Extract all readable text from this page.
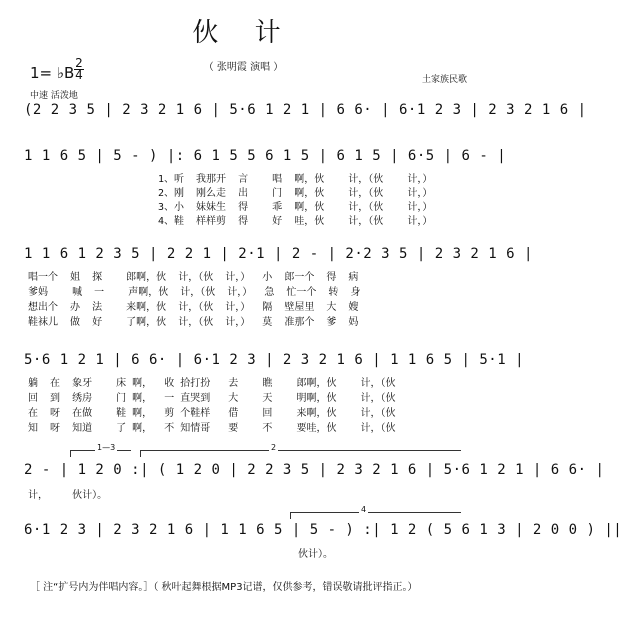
伙 计
（ 张明霞 演唱 ）
土家族民歌
1= ♭B
2
4
中速 活泼地
(2 2 3 5 | 2 3 2 1 6 | 5·6 1 2 1 | 6 6· | 6·1 2 3 | 2 3 2 1 6 |
1 1 6 5 | 5 - ) |: 6 1 5 5 6 1 5 | 6 1 5 | 6·5 | 6 - |
1、听  我那开  言    唱  啊，伙    计，（伙    计，）
2、刚  刚么走  出    门  啊，伙    计，（伙    计，）
3、小  妹妹生  得    乖  啊，伙    计，（伙    计，）
4、鞋  样样剪  得    好  哇，伙    计，（伙    计，）
1 1 6 1 2 3 5 | 2 2 1 | 2·1 | 2 - | 2·2 3 5 | 2 3 2 1 6 |
唱一个  姐  探    郎啊，伙  计，（伙  计，）  小  郎一个  得  病
爹妈    喊  一    声啊，伙  计，（伙  计，）  急  忙一个  转  身
想出个  办  法    来啊，伙  计，（伙  计，）  隔  壁屋里  大  嫂
鞋袜儿  做  好    了啊，伙  计，（伙  计，）  莫  准那个  爹  妈
5·6 1 2 1 | 6 6· | 6·1 2 3 | 2 3 2 1 6 | 1 1 6 5 | 5·1 |
躺  在  象牙    床 啊，  收 拾打扮   去    瞧    郎啊，伙    计，（伙
回  到  绣房    门 啊，  一 直哭到   大    天    明啊，伙    计，（伙
在  呀  在做    鞋 啊，  剪 个鞋样   借    回    来啊，伙    计，（伙
知  呀  知道    了 啊，  不 知情哥   要    不    要哇，伙    计，（伙
1—3	2
2 - | 1 2 0 :| ( 1 2 0 | 2 2 3 5 | 2 3 2 1 6 | 5·6 1 2 1 | 6 6· |
计，    伙计）。
4
6·1 2 3 | 2 3 2 1 6 | 1 1 6 5 | 5 - ) :| 1 2 ( 5 6 1 3 | 2 0 0 ) ||
伙计）。
［ 注“扩号内为伴唱内容。］（ 秋叶起舞根据MP3记谱，仅供参考，错误敬请批评指正。）
